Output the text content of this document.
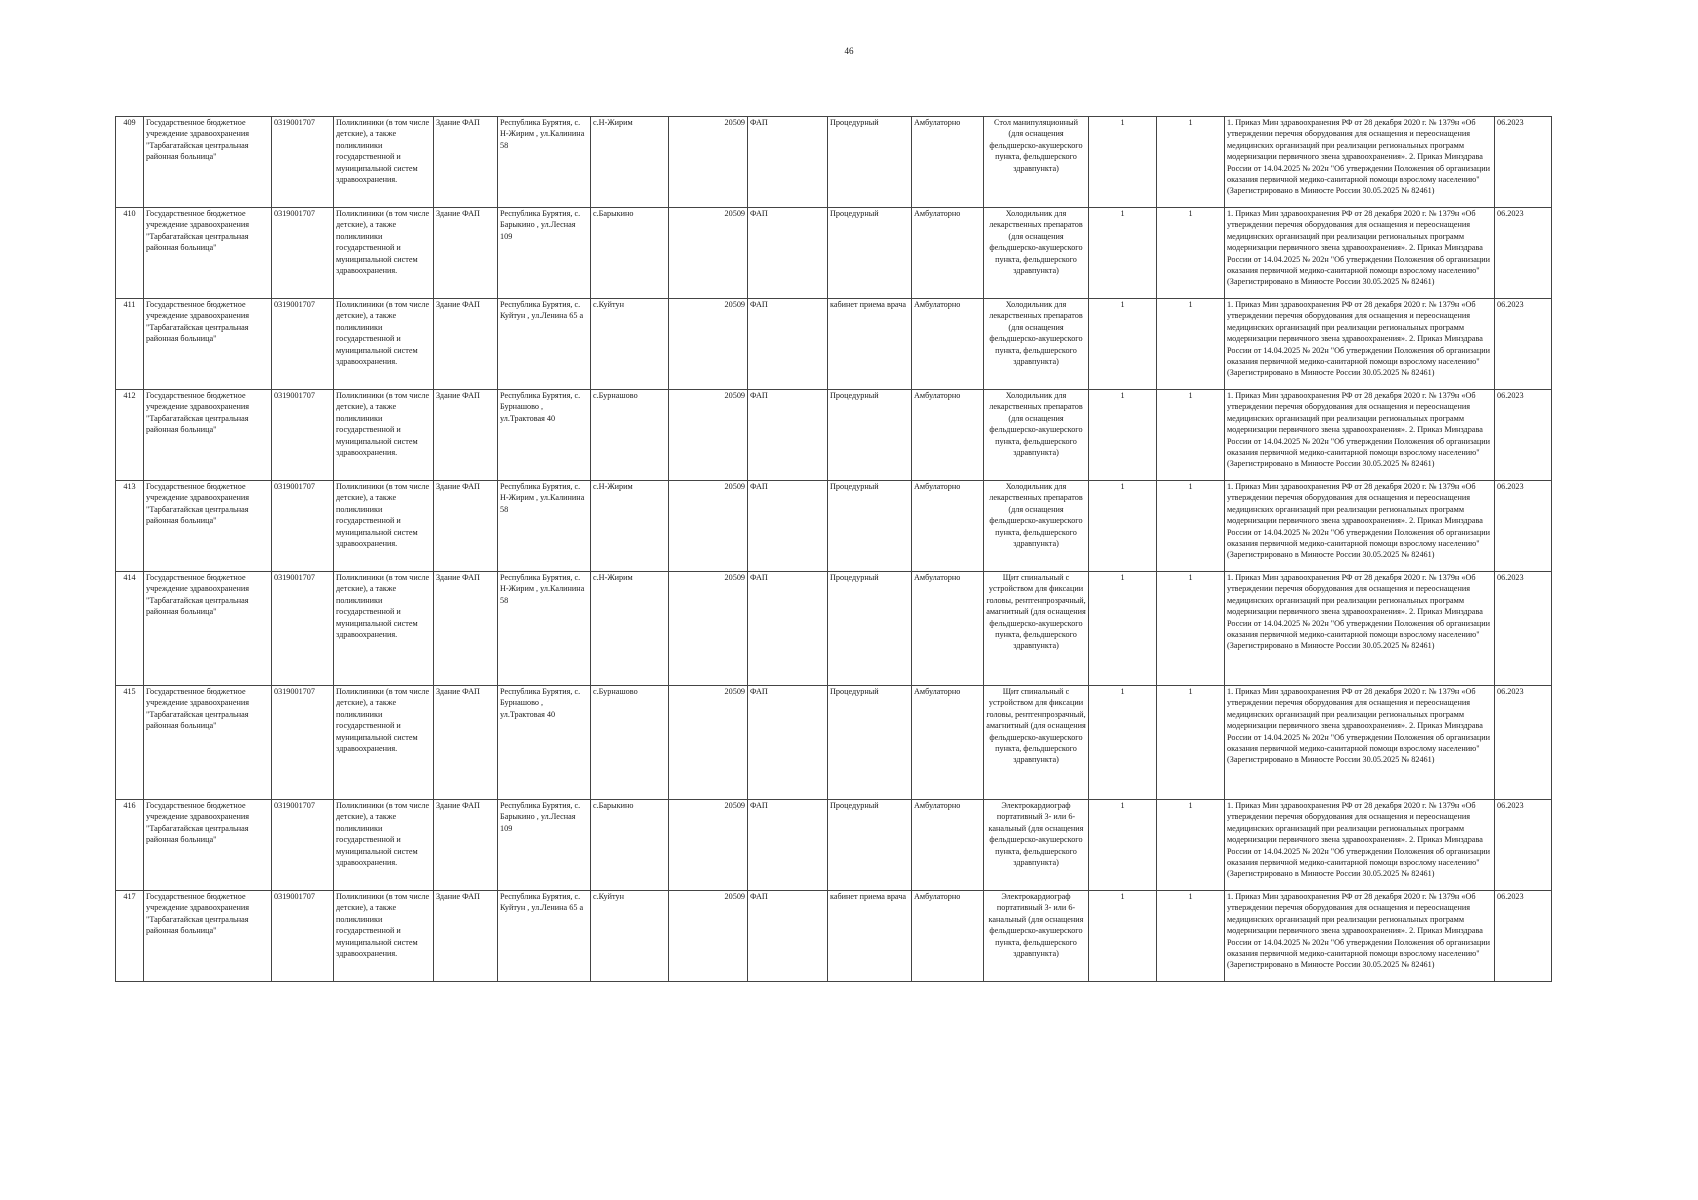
46
409	Государственное бюджетное учреждение здравоохранения "Тарбагатайская центральная районная больница"	0319001707	Поликлиники (в том числе детские), а также поликлиники государственной и муниципальной систем здравоохранения.	Здание ФАП	Республика Бурятия, с. Н-Жирим , ул.Калинина 58	с.Н-Жирим	20509	ФАП	Процедурный	Амбулаторно	Стол манипуляционный (для оснащения фельдшерско-акушерского пункта, фельдшерского здравпункта)	1	1	1. Приказ Мин здравоохранения РФ от 28 декабря 2020 г. № 1379н «Об утверждении перечня оборудования для оснащения и переоснащения медицинских организаций при реализации региональных программ модернизации первичного звена здравоохранения». 2. Приказ Минздрава России от 14.04.2025 № 202н "Об утверждении Положения об организации оказания первичной медико-санитарной помощи взрослому населению" (Зарегистрировано в Минюсте России 30.05.2025 № 82461)	06.2023
410	Государственное бюджетное учреждение здравоохранения "Тарбагатайская центральная районная больница"	0319001707	Поликлиники (в том числе детские), а также поликлиники государственной и муниципальной систем здравоохранения.	Здание ФАП	Республика Бурятия, с. Барыкино , ул.Лесная 109	с.Барыкино	20509	ФАП	Процедурный	Амбулаторно	Холодильник для лекарственных препаратов (для оснащения фельдшерско-акушерского пункта, фельдшерского здравпункта)	1	1	1. Приказ Мин здравоохранения РФ от 28 декабря 2020 г. № 1379н «Об утверждении перечня оборудования для оснащения и переоснащения медицинских организаций при реализации региональных программ модернизации первичного звена здравоохранения». 2. Приказ Минздрава России от 14.04.2025 № 202н "Об утверждении Положения об организации оказания первичной медико-санитарной помощи взрослому населению" (Зарегистрировано в Минюсте России 30.05.2025 № 82461)	06.2023
411	Государственное бюджетное учреждение здравоохранения "Тарбагатайская центральная районная больница"	0319001707	Поликлиники (в том числе детские), а также поликлиники государственной и муниципальной систем здравоохранения.	Здание ФАП	Республика Бурятия, с. Куйтун , ул.Ленина 65 а	с.Куйтун	20509	ФАП	кабинет приема врача	Амбулаторно	Холодильник для лекарственных препаратов (для оснащения фельдшерско-акушерского пункта, фельдшерского здравпункта)	1	1	1. Приказ Мин здравоохранения РФ от 28 декабря 2020 г. № 1379н «Об утверждении перечня оборудования для оснащения и переоснащения медицинских организаций при реализации региональных программ модернизации первичного звена здравоохранения». 2. Приказ Минздрава России от 14.04.2025 № 202н "Об утверждении Положения об организации оказания первичной медико-санитарной помощи взрослому населению" (Зарегистрировано в Минюсте России 30.05.2025 № 82461)	06.2023
412	Государственное бюджетное учреждение здравоохранения "Тарбагатайская центральная районная больница"	0319001707	Поликлиники (в том числе детские), а также поликлиники государственной и муниципальной систем здравоохранения.	Здание ФАП	Республика Бурятия, с. Бурнашово , ул.Трактовая 40	с.Бурнашово	20509	ФАП	Процедурный	Амбулаторно	Холодильник для лекарственных препаратов (для оснащения фельдшерско-акушерского пункта, фельдшерского здравпункта)	1	1	1. Приказ Мин здравоохранения РФ от 28 декабря 2020 г. № 1379н «Об утверждении перечня оборудования для оснащения и переоснащения медицинских организаций при реализации региональных программ модернизации первичного звена здравоохранения». 2. Приказ Минздрава России от 14.04.2025 № 202н "Об утверждении Положения об организации оказания первичной медико-санитарной помощи взрослому населению" (Зарегистрировано в Минюсте России 30.05.2025 № 82461)	06.2023
413	Государственное бюджетное учреждение здравоохранения "Тарбагатайская центральная районная больница"	0319001707	Поликлиники (в том числе детские), а также поликлиники государственной и муниципальной систем здравоохранения.	Здание ФАП	Республика Бурятия, с. Н-Жирим , ул.Калинина 58	с.Н-Жирим	20509	ФАП	Процедурный	Амбулаторно	Холодильник для лекарственных препаратов (для оснащения фельдшерско-акушерского пункта, фельдшерского здравпункта)	1	1	1. Приказ Мин здравоохранения РФ от 28 декабря 2020 г. № 1379н «Об утверждении перечня оборудования для оснащения и переоснащения медицинских организаций при реализации региональных программ модернизации первичного звена здравоохранения». 2. Приказ Минздрава России от 14.04.2025 № 202н "Об утверждении Положения об организации оказания первичной медико-санитарной помощи взрослому населению" (Зарегистрировано в Минюсте России 30.05.2025 № 82461)	06.2023
414	Государственное бюджетное учреждение здравоохранения "Тарбагатайская центральная районная больница"	0319001707	Поликлиники (в том числе детские), а также поликлиники государственной и муниципальной систем здравоохранения.	Здание ФАП	Республика Бурятия, с. Н-Жирим , ул.Калинина 58	с.Н-Жирим	20509	ФАП	Процедурный	Амбулаторно	Щит спинальный с устройством для фиксации головы, рентгенпрозрачный, амагнитный (для оснащения фельдшерско-акушерского пункта, фельдшерского здравпункта)	1	1	1. Приказ Мин здравоохранения РФ от 28 декабря 2020 г. № 1379н «Об утверждении перечня оборудования для оснащения и переоснащения медицинских организаций при реализации региональных программ модернизации первичного звена здравоохранения». 2. Приказ Минздрава России от 14.04.2025 № 202н "Об утверждении Положения об организации оказания первичной медико-санитарной помощи взрослому населению" (Зарегистрировано в Минюсте России 30.05.2025 № 82461)	06.2023
415	Государственное бюджетное учреждение здравоохранения "Тарбагатайская центральная районная больница"	0319001707	Поликлиники (в том числе детские), а также поликлиники государственной и муниципальной систем здравоохранения.	Здание ФАП	Республика Бурятия, с. Бурнашово , ул.Трактовая 40	с.Бурнашово	20509	ФАП	Процедурный	Амбулаторно	Щит спинальный с устройством для фиксации головы, рентгенпрозрачный, амагнитный (для оснащения фельдшерско-акушерского пункта, фельдшерского здравпункта)	1	1	1. Приказ Мин здравоохранения РФ от 28 декабря 2020 г. № 1379н «Об утверждении перечня оборудования для оснащения и переоснащения медицинских организаций при реализации региональных программ модернизации первичного звена здравоохранения». 2. Приказ Минздрава России от 14.04.2025 № 202н "Об утверждении Положения об организации оказания первичной медико-санитарной помощи взрослому населению" (Зарегистрировано в Минюсте России 30.05.2025 № 82461)	06.2023
416	Государственное бюджетное учреждение здравоохранения "Тарбагатайская центральная районная больница"	0319001707	Поликлиники (в том числе детские), а также поликлиники государственной и муниципальной систем здравоохранения.	Здание ФАП	Республика Бурятия, с. Барыкино , ул.Лесная 109	с.Барыкино	20509	ФАП	Процедурный	Амбулаторно	Электрокардиограф портативный 3- или 6-канальный (для оснащения фельдшерско-акушерского пункта, фельдшерского здравпункта)	1	1	1. Приказ Мин здравоохранения РФ от 28 декабря 2020 г. № 1379н «Об утверждении перечня оборудования для оснащения и переоснащения медицинских организаций при реализации региональных программ модернизации первичного звена здравоохранения». 2. Приказ Минздрава России от 14.04.2025 № 202н "Об утверждении Положения об организации оказания первичной медико-санитарной помощи взрослому населению" (Зарегистрировано в Минюсте России 30.05.2025 № 82461)	06.2023
417	Государственное бюджетное учреждение здравоохранения "Тарбагатайская центральная районная больница"	0319001707	Поликлиники (в том числе детские), а также поликлиники государственной и муниципальной систем здравоохранения.	Здание ФАП	Республика Бурятия, с. Куйтун , ул.Ленина 65 а	с.Куйтун	20509	ФАП	кабинет приема врача	Амбулаторно	Электрокардиограф портативный 3- или 6-канальный (для оснащения фельдшерско-акушерского пункта, фельдшерского здравпункта)	1	1	1. Приказ Мин здравоохранения РФ от 28 декабря 2020 г. № 1379н «Об утверждении перечня оборудования для оснащения и переоснащения медицинских организаций при реализации региональных программ модернизации первичного звена здравоохранения». 2. Приказ Минздрава России от 14.04.2025 № 202н "Об утверждении Положения об организации оказания первичной медико-санитарной помощи взрослому населению" (Зарегистрировано в Минюсте России 30.05.2025 № 82461)	06.2023
